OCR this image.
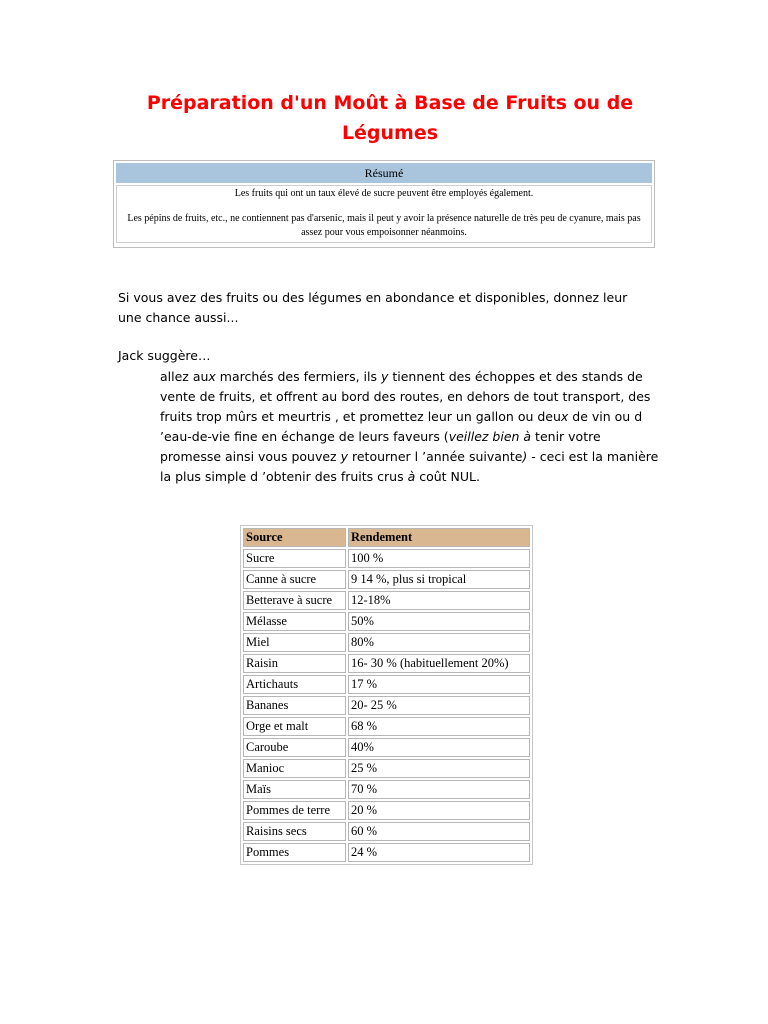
Préparation d'un Moût à Base de Fruits ou de Légumes
Résumé

Les fruits qui ont un taux élevé de sucre peuvent être employés également.

Les pépins de fruits, etc., ne contiennent pas d'arsenic, mais il peut y avoir la présence naturelle de très peu de cyanure, mais pas assez pour vous empoisonner néanmoins.

Si vous avez des fruits ou des légumes en abondance et disponibles, donnez leur une chance aussi...

Jack suggère…

allez aux marchés des fermiers, ils y tiennent des échoppes et des stands de vente de fruits, et offrent au bord des routes, en dehors de tout transport, des fruits trop mûrs et meurtris , et promettez leur un gallon ou deux de vin ou d ’eau-de-vie fine en échange de leurs faveurs (veillez bien à tenir votre promesse ainsi vous pouvez y retourner l ’année suivante) - ceci est la manière la plus simple d ’obtenir des fruits crus à coût NUL.

Source	Rendement
Sucre	100 %
Canne à sucre	9 14 %, plus si tropical
Betterave à sucre	12-18%
Mélasse	50%
Miel	80%
Raisin	16- 30 % (habituellement 20%)
Artichauts	17 %
Bananes	20- 25 %
Orge et malt	68 %
Caroube	40%
Manioc	25 %
Maïs	70 %
Pommes de terre	20 %
Raisins secs	60 %
Pommes	24 %
